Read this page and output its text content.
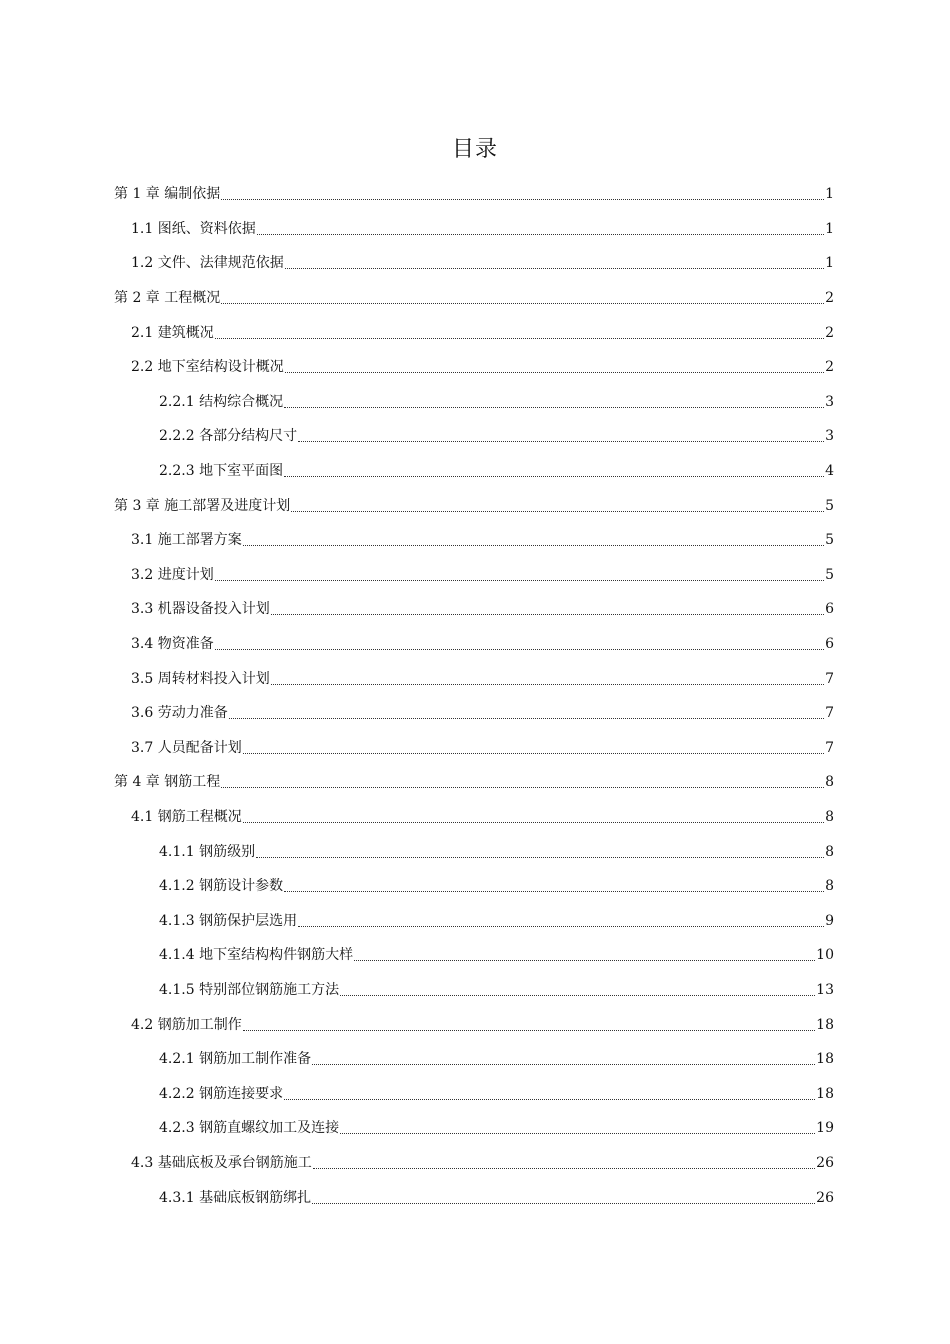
目录
第 1 章 编制依据	1
1.1 图纸、资料依据	1
1.2 文件、法律规范依据	1
第 2 章 工程概况	2
2.1 建筑概况	2
2.2 地下室结构设计概况	2
2.2.1 结构综合概况	3
2.2.2 各部分结构尺寸	3
2.2.3 地下室平面图	4
第 3 章 施工部署及进度计划	5
3.1 施工部署方案	5
3.2 进度计划	5
3.3 机器设备投入计划	6
3.4 物资准备	6
3.5 周转材料投入计划	7
3.6 劳动力准备	7
3.7 人员配备计划	7
第 4 章 钢筋工程	8
4.1 钢筋工程概况	8
4.1.1 钢筋级别	8
4.1.2 钢筋设计参数	8
4.1.3 钢筋保护层选用	9
4.1.4 地下室结构构件钢筋大样	10
4.1.5 特别部位钢筋施工方法	13
4.2 钢筋加工制作	18
4.2.1 钢筋加工制作准备	18
4.2.2 钢筋连接要求	18
4.2.3 钢筋直螺纹加工及连接	19
4.3 基础底板及承台钢筋施工	26
4.3.1 基础底板钢筋绑扎	26
